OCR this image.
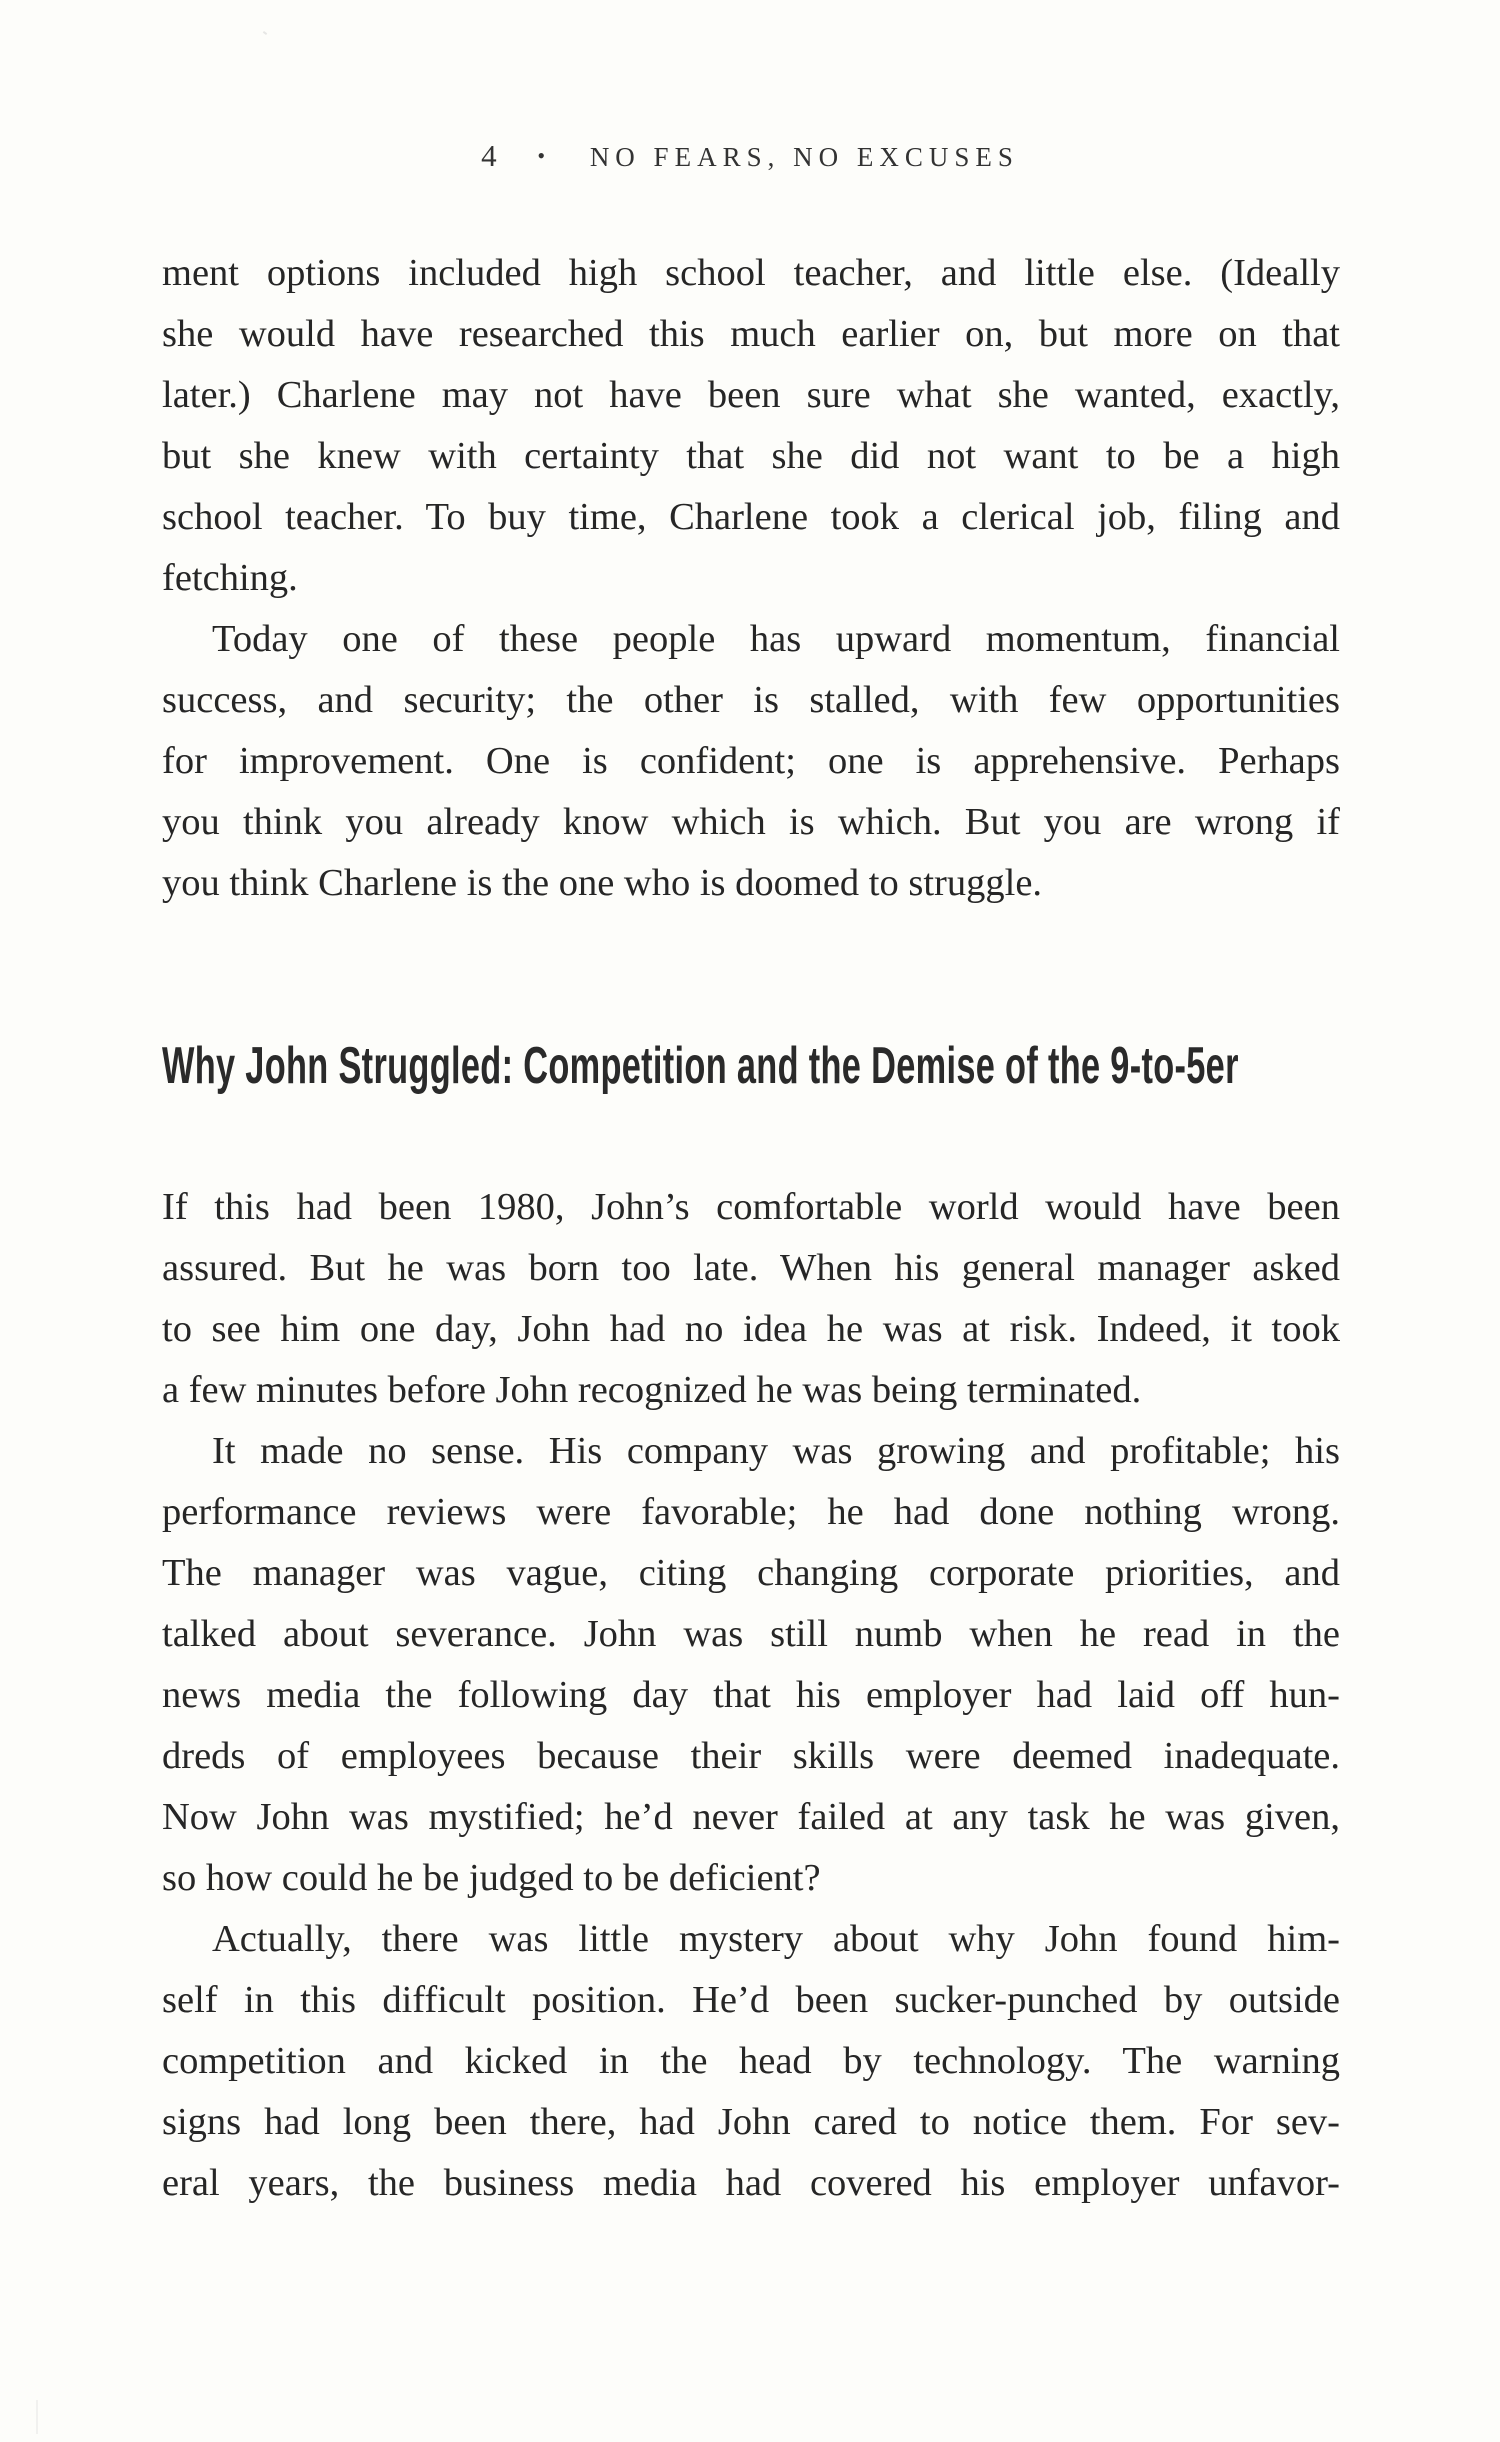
4 • NO FEARS, NO EXCUSES

ment options included high school teacher, and little else. (Ideally
she would have researched this much earlier on, but more on that
later.) Charlene may not have been sure what she wanted, exactly,
but she knew with certainty that she did not want to be a high
school teacher. To buy time, Charlene took a clerical job, filing and
fetching.

Today one of these people has upward momentum, financial
success, and security; the other is stalled, with few opportunities
for improvement. One is confident; one is apprehensive. Perhaps
you think you already know which is which. But you are wrong if
you think Charlene is the one who is doomed to struggle.

Why John Struggled: Competition and the Demise of the 9-to-5er

If this had been 1980, John’s comfortable world would have been
assured. But he was born too late. When his general manager asked
to see him one day, John had no idea he was at risk. Indeed, it took
a few minutes before John recognized he was being terminated.

It made no sense. His company was growing and profitable; his
performance reviews were favorable; he had done nothing wrong.
The manager was vague, citing changing corporate priorities, and
talked about severance. John was still numb when he read in the
news media the following day that his employer had laid off hun-
dreds of employees because their skills were deemed inadequate.
Now John was mystified; he’d never failed at any task he was given,
so how could he be judged to be deficient?

Actually, there was little mystery about why John found him-
self in this difficult position. He’d been sucker-punched by outside
competition and kicked in the head by technology. The warning
signs had long been there, had John cared to notice them. For sev-
eral years, the business media had covered his employer unfavor-
